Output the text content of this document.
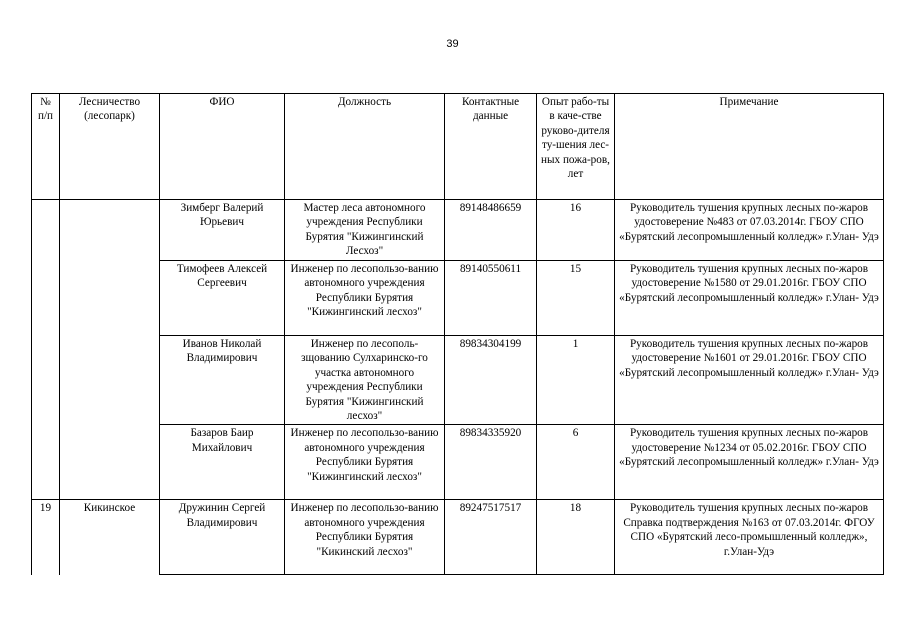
39
№ п/п	Лесничество (лесопарк)	ФИО	Должность	Контактные данные	Опыт рабо-ты в каче-стве руково-дителя ту-шения лес-ных пожа-ров, лет	Примечание
		Зимберг Валерий Юрьевич	Мастер леса автономного учреждения Республики Бурятия "Кижингинский Лесхоз"	89148486659	16	Руководитель тушения крупных лесных по-жаров удостоверение №483 от 07.03.2014г. ГБОУ СПО «Бурятский лесопромышленный колледж» г.Улан- Удэ
		Тимофеев Алексей Сергеевич	Инженер по лесопользо-ванию автономного учреждения Республики Бурятия "Кижингинский лесхоз"	89140550611	15	Руководитель тушения крупных лесных по-жаров удостоверение №1580 от 29.01.2016г. ГБОУ СПО «Бурятский лесопромышленный колледж» г.Улан- Удэ
		Иванов Николай Владимирович	Инженер по лесополь-зщованию Сулхаринско-го участка автономного учреждения Республики Бурятия "Кижингинский лесхоз"	89834304199	1	Руководитель тушения крупных лесных по-жаров удостоверение №1601 от 29.01.2016г. ГБОУ СПО «Бурятский лесопромышленный колледж» г.Улан- Удэ
		Базаров Баир Михайлович	Инженер по лесопользо-ванию автономного учреждения Республики Бурятия "Кижингинский лесхоз"	89834335920	6	Руководитель тушения крупных лесных по-жаров удостоверение №1234 от 05.02.2016г. ГБОУ СПО «Бурятский лесопромышленный колледж» г.Улан- Удэ
19	Кикинское	Дружинин Сергей Владимирович	Инженер по лесопользо-ванию автономного учреждения Республики Бурятия "Кикинский лесхоз"	89247517517	18	Руководитель тушения крупных лесных по-жаров Справка подтверждения №163 от 07.03.2014г. ФГОУ СПО «Бурятский лесо-промышленный колледж», г.Улан-Удэ
